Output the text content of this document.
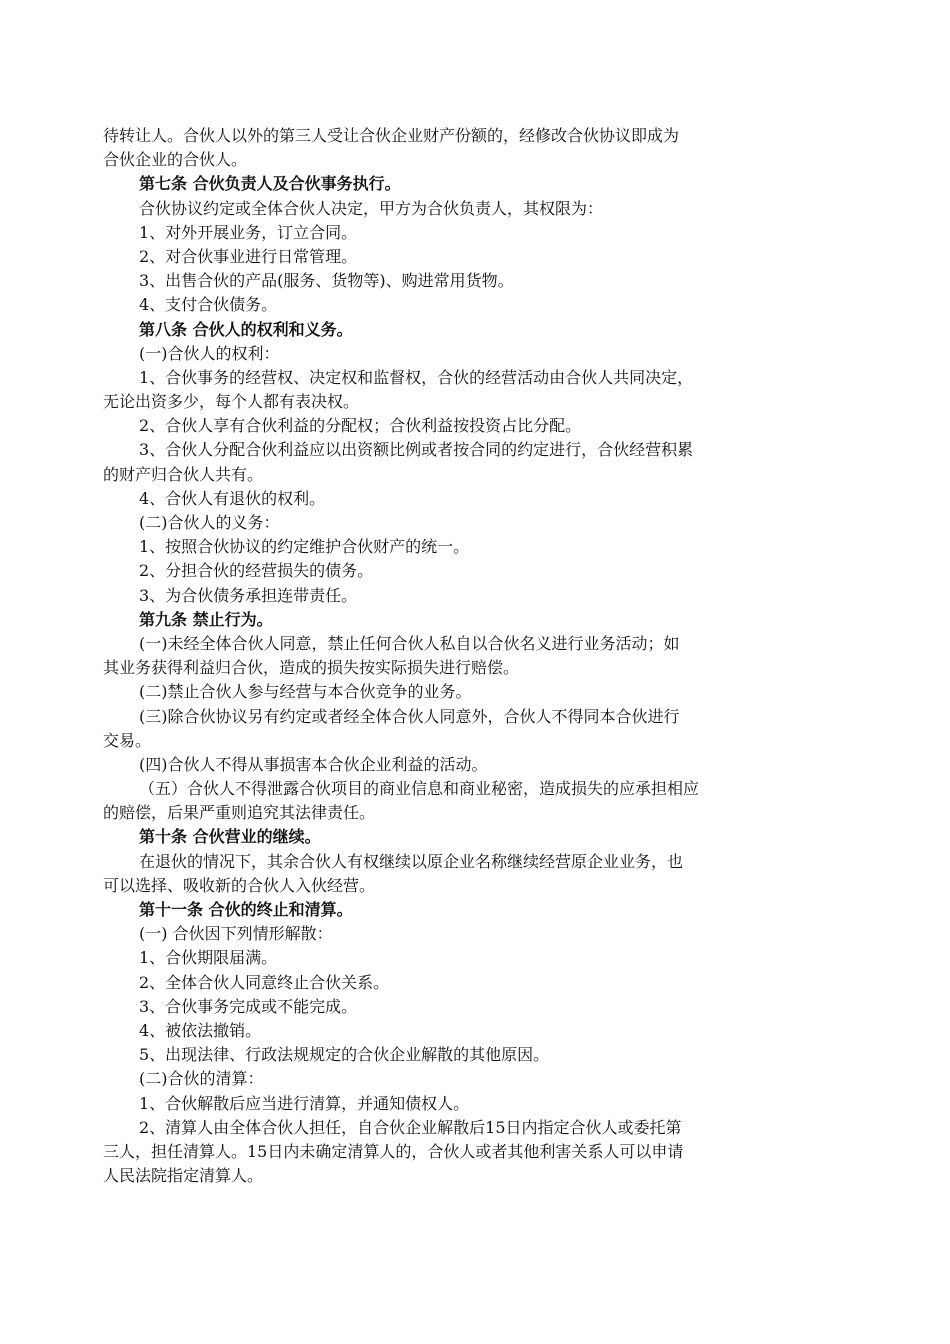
待转让人。合伙人以外的第三人受让合伙企业财产份额的，经修改合伙协议即成为
合伙企业的合伙人。
第七条 合伙负责人及合伙事务执行。
合伙协议约定或全体合伙人决定，甲方为合伙负责人，其权限为：
1、对外开展业务，订立合同。
2、对合伙事业进行日常管理。
3、出售合伙的产品(服务、货物等)、购进常用货物。
4、支付合伙债务。
第八条 合伙人的权利和义务。
(一)合伙人的权利：
1、合伙事务的经营权、决定权和监督权，合伙的经营活动由合伙人共同决定，
无论出资多少，每个人都有表决权。
2、合伙人享有合伙利益的分配权；合伙利益按投资占比分配。
3、合伙人分配合伙利益应以出资额比例或者按合同的约定进行，合伙经营积累
的财产归合伙人共有。
4、合伙人有退伙的权利。
(二)合伙人的义务：
1、按照合伙协议的约定维护合伙财产的统一。
2、分担合伙的经营损失的债务。
3、为合伙债务承担连带责任。
第九条 禁止行为。
(一)未经全体合伙人同意，禁止任何合伙人私自以合伙名义进行业务活动；如
其业务获得利益归合伙，造成的损失按实际损失进行赔偿。
(二)禁止合伙人参与经营与本合伙竞争的业务。
(三)除合伙协议另有约定或者经全体合伙人同意外，合伙人不得同本合伙进行
交易。
(四)合伙人不得从事损害本合伙企业利益的活动。
（五）合伙人不得泄露合伙项目的商业信息和商业秘密，造成损失的应承担相应
的赔偿，后果严重则追究其法律责任。
第十条 合伙营业的继续。
在退伙的情况下，其余合伙人有权继续以原企业名称继续经营原企业业务，也
可以选择、吸收新的合伙人入伙经营。
第十一条 合伙的终止和清算。
(一) 合伙因下列情形解散：
1、合伙期限届满。
2、全体合伙人同意终止合伙关系。
3、合伙事务完成或不能完成。
4、被依法撤销。
5、出现法律、行政法规规定的合伙企业解散的其他原因。
(二)合伙的清算：
1、合伙解散后应当进行清算，并通知债权人。
2、清算人由全体合伙人担任，自合伙企业解散后15日内指定合伙人或委托第
三人，担任清算人。15日内未确定清算人的，合伙人或者其他利害关系人可以申请
人民法院指定清算人。
